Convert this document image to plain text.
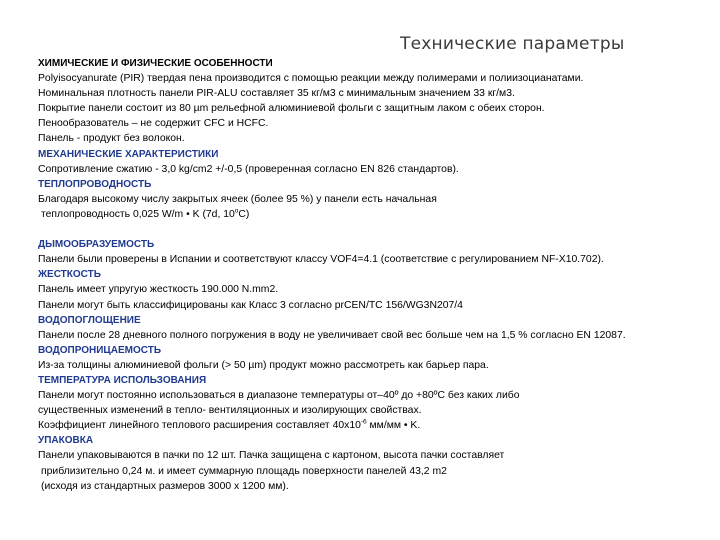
Технические параметры
ХИМИЧЕСКИЕ И ФИЗИЧЕСКИЕ ОСОБЕННОСТИ
Polyisocyanurate (PIR) твердая пена производится с помощью реакции между полимерами и полиизоцианатами.
Номинальная плотность панели PIR-ALU составляет 35 кг/м3 с минимальным значением 33 кг/м3.
Покрытие панели состоит из 80 µm рельефной алюминиевой фольги с защитным лаком с обеих сторон.
Пенообразователь – не содержит CFC и HCFC.
Панель - продукт без волокон.
МЕХАНИЧЕСКИЕ ХАРАКТЕРИСТИКИ
Сопротивление сжатию - 3,0 kg/cm2 +/-0,5 (проверенная согласно EN 826 стандартов).
ТЕПЛОПРОВОДНОСТЬ
Благодаря высокому числу закрытых ячеек (более 95 %) у панели есть начальная
теплопроводность 0,025 W/m • K (7d, 10$^o$C)
ДЫМООБРАЗУЕМОСТЬ
Панели были проверены в Испании и соответствуют классу VOF4=4.1 (соответствие с регулированием NF-X10.702).
ЖЕСТКОСТЬ
Панель имеет упругую жесткость 190.000 N.mm2.
Панели могут быть классифицированы как Класс 3 согласно prCEN/TC 156/WG3N207/4
ВОДОПОГЛОЩЕНИЕ
Панели после 28 дневного полного погружения в воду не увеличивает свой вес больше чем на 1,5 % согласно EN 12087.
ВОДОПРОНИЦАЕМОСТЬ
Из-за толщины алюминиевой фольги (> 50 µm) продукт можно рассмотреть как барьер пара.
ТЕМПЕРАТУРА ИСПОЛЬЗОВАНИЯ
Панели могут постоянно использоваться в диапазоне температуры от–40º до +80ºC без каких либо
существенных изменений в тепло- вентиляционных и изолирующих свойствах.
Коэффициент линейного теплового расширения составляет $40x10^{-6}$ мм/мм • K.
УПАКОВКА
Панели упаковываются в пачки по 12 шт. Пачка защищена с картоном, высота пачки составляет
приблизительно 0,24 м. и имеет суммарную площадь поверхности панелей 43,2 m2
(исходя из стандартных размеров 3000 x 1200 мм).
